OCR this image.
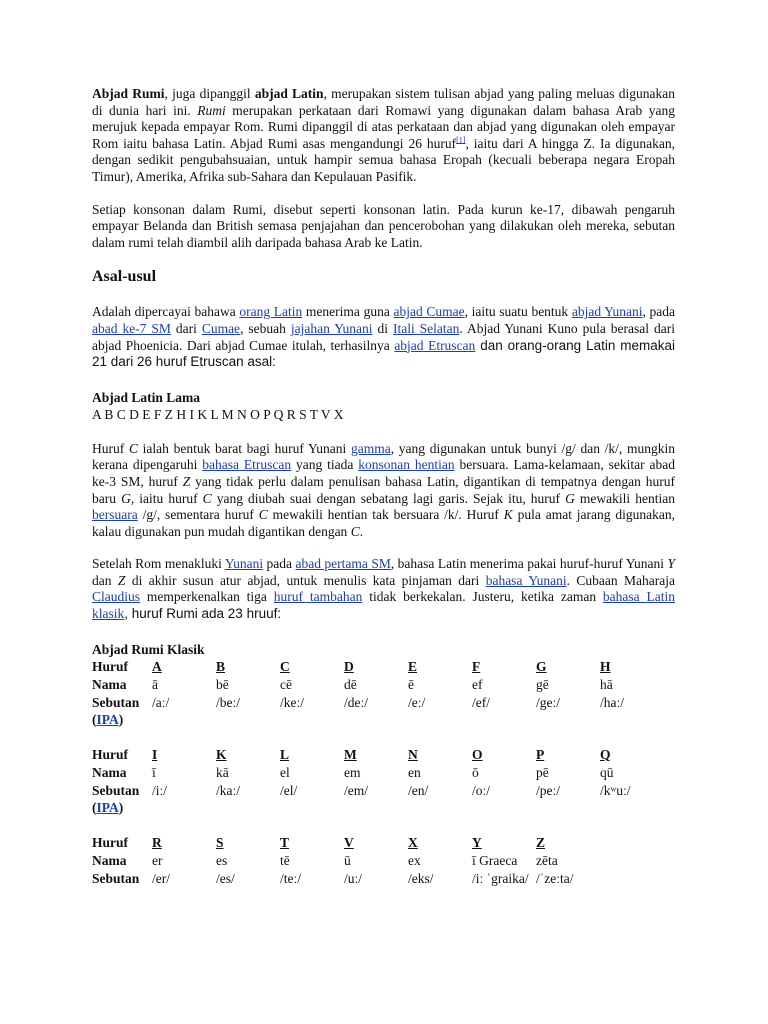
Abjad Rumi, juga dipanggil abjad Latin, merupakan sistem tulisan abjad yang paling meluas digunakan di dunia hari ini. Rumi merupakan perkataan dari Romawi yang digunakan dalam bahasa Arab yang merujuk kepada empayar Rom. Rumi dipanggil di atas perkataan dan abjad yang digunakan oleh empayar Rom iaitu bahasa Latin. Abjad Rumi asas mengandungi 26 huruf[1], iaitu dari A hingga Z. Ia digunakan, dengan sedikit pengubahsuaian, untuk hampir semua bahasa Eropah (kecuali beberapa negara Eropah Timur), Amerika, Afrika sub-Sahara dan Kepulauan Pasifik.

Setiap konsonan dalam Rumi, disebut seperti konsonan latin. Pada kurun ke-17, dibawah pengaruh empayar Belanda dan British semasa penjajahan dan pencerobohan yang dilakukan oleh mereka, sebutan dalam rumi telah diambil alih daripada bahasa Arab ke Latin.

Asal-usul

Adalah dipercayai bahawa orang Latin menerima guna abjad Cumae, iaitu suatu bentuk abjad Yunani, pada abad ke-7 SM dari Cumae, sebuah jajahan Yunani di Itali Selatan. Abjad Yunani Kuno pula berasal dari abjad Phoenicia. Dari abjad Cumae itulah, terhasilnya abjad Etruscan dan orang-orang Latin memakai 21 dari 26 huruf Etruscan asal:

Abjad Latin Lama
A B C D E F Z H I K L M N O P Q R S T V X

Huruf C ialah bentuk barat bagi huruf Yunani gamma, yang digunakan untuk bunyi /g/ dan /k/, mungkin kerana dipengaruhi bahasa Etruscan yang tiada konsonan hentian bersuara. Lama-kelamaan, sekitar abad ke-3 SM, huruf Z yang tidak perlu dalam penulisan bahasa Latin, digantikan di tempatnya dengan huruf baru G, iaitu huruf C yang diubah suai dengan sebatang lagi garis. Sejak itu, huruf G mewakili hentian bersuara /g/, sementara huruf C mewakili hentian tak bersuara /k/. Huruf K pula amat jarang digunakan, kalau digunakan pun mudah digantikan dengan C.

Setelah Rom menakluki Yunani pada abad pertama SM, bahasa Latin menerima pakai huruf-huruf Yunani Y dan Z di akhir susun atur abjad, untuk menulis kata pinjaman dari bahasa Yunani. Cubaan Maharaja Claudius memperkenalkan tiga huruf tambahan tidak berkekalan. Justeru, ketika zaman bahasa Latin klasik, huruf Rumi ada 23 hruuf:

Abjad Rumi Klasik
Huruf	A	B	C	D	E	F	G	H
Nama	ā	bē	cē	dē	ē	ef	gē	hā
Sebutan
(IPA)	/aː/	/beː/	/keː/	/deː/	/eː/	/ef/	/geː/	/haː/

Huruf	I	K	L	M	N	O	P	Q
Nama	ī	kā	el	em	en	ō	pē	qū
Sebutan
(IPA)	/iː/	/kaː/	/el/	/em/	/en/	/oː/	/peː/	/kʷuː/

Huruf	R	S	T	V	X	Y	Z	
Nama	er	es	tē	ū	ex	ī Graeca	zēta	
Sebutan	/er/	/es/	/teː/	/uː/	/eks/	/iː ˈgraika/	/ˈzeːta/	
